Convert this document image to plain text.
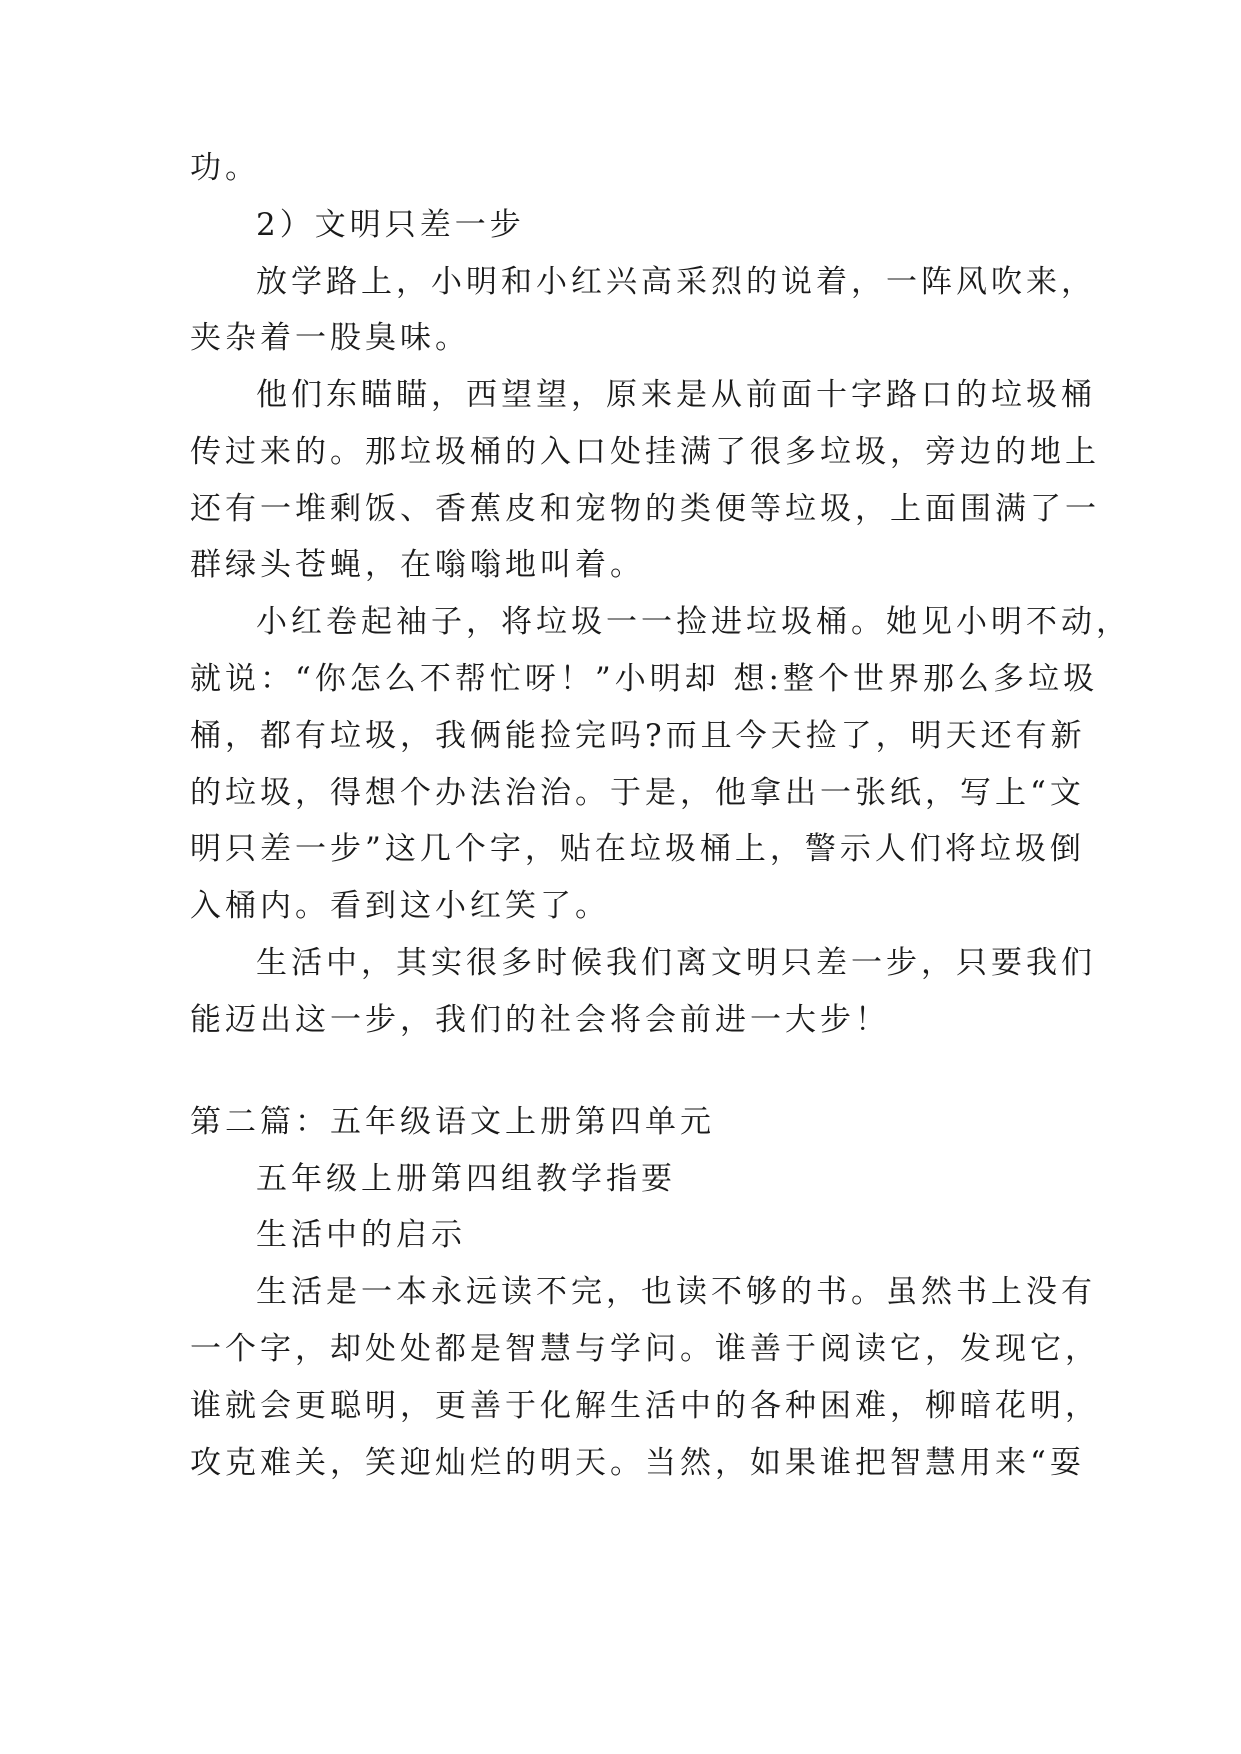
功。
2）文明只差一步
放学路上，小明和小红兴高采烈的说着，一阵风吹来，
夹杂着一股臭味。
他们东瞄瞄，西望望，原来是从前面十字路口的垃圾桶
传过来的。那垃圾桶的入口处挂满了很多垃圾，旁边的地上
还有一堆剩饭、香蕉皮和宠物的类便等垃圾，上面围满了一
群绿头苍蝇，在嗡嗡地叫着。
小红卷起袖子，将垃圾一一捡进垃圾桶。她见小明不动，
就说：“你怎么不帮忙呀！”小明却 想:整个世界那么多垃圾
桶，都有垃圾，我俩能捡完吗?而且今天捡了，明天还有新
的垃圾，得想个办法治治。于是，他拿出一张纸，写上“文
明只差一步”这几个字，贴在垃圾桶上，警示人们将垃圾倒
入桶内。看到这小红笑了。
生活中，其实很多时候我们离文明只差一步，只要我们
能迈出这一步，我们的社会将会前进一大步！
第二篇：五年级语文上册第四单元
五年级上册第四组教学指要
生活中的启示
生活是一本永远读不完，也读不够的书。虽然书上没有
一个字，却处处都是智慧与学问。谁善于阅读它，发现它，
谁就会更聪明，更善于化解生活中的各种困难，柳暗花明，
攻克难关，笑迎灿烂的明天。当然，如果谁把智慧用来“耍
